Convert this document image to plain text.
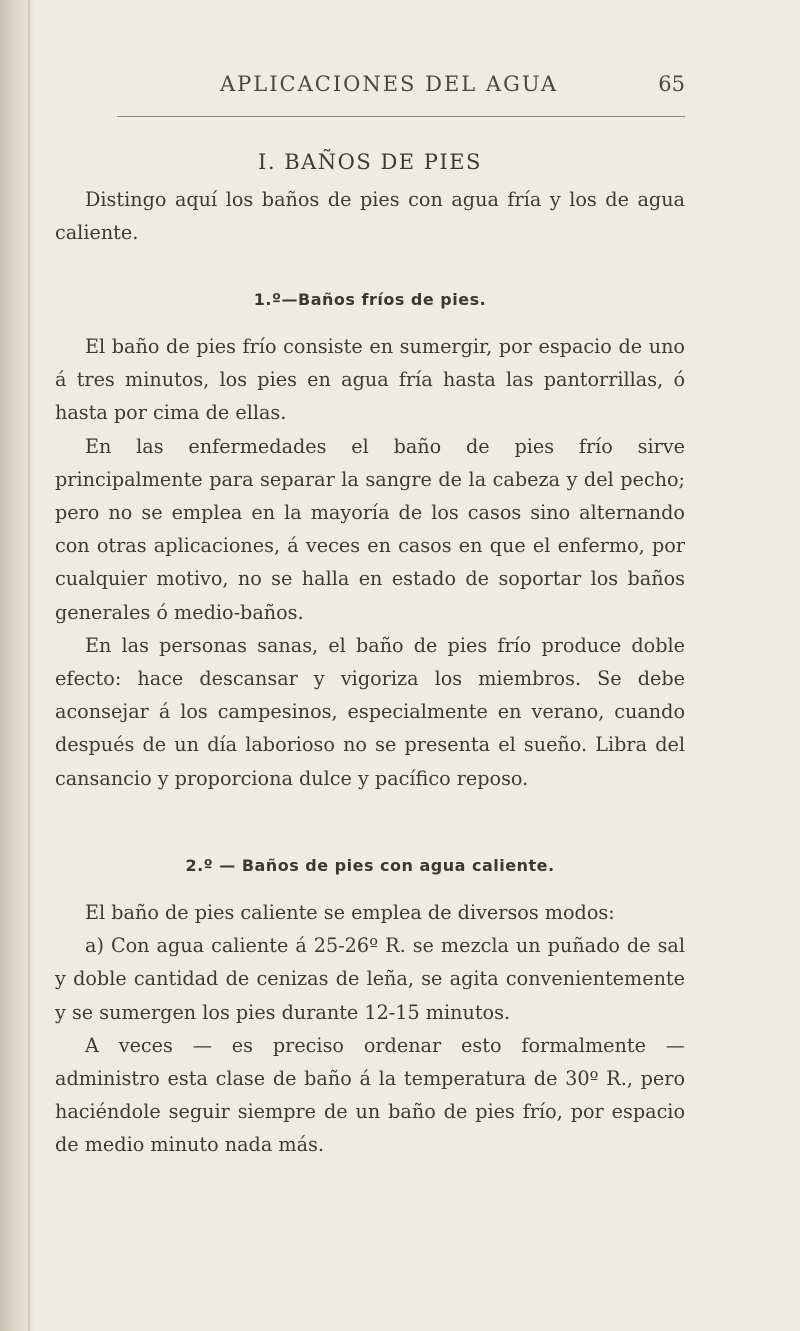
APLICACIONES DEL AGUA	65
I. BAÑOS DE PIES

Distingo aquí los baños de pies con agua fría y los de agua caliente.

1.º—Baños fríos de pies.

El baño de pies frío consiste en sumergir, por espacio de uno á tres minutos, los pies en agua fría hasta las pantorrillas, ó hasta por cima de ellas.

En las enfermedades el baño de pies frío sirve principalmente para separar la sangre de la cabeza y del pecho; pero no se emplea en la mayoría de los casos sino alternando con otras aplicaciones, á veces en casos en que el enfermo, por cualquier motivo, no se halla en estado de soportar los baños generales ó medio-baños.

En las personas sanas, el baño de pies frío produce doble efecto: hace descansar y vigoriza los miembros. Se debe aconsejar á los campesinos, especialmente en verano, cuando después de un día laborioso no se presenta el sueño. Libra del cansancio y proporciona dulce y pacífico reposo.

2.º — Baños de pies con agua caliente.

El baño de pies caliente se emplea de diversos modos:

a) Con agua caliente á 25-26º R. se mezcla un puñado de sal y doble cantidad de cenizas de leña, se agita convenientemente y se sumergen los pies durante 12-15 minutos.

A veces — es preciso ordenar esto formalmente — administro esta clase de baño á la temperatura de 30º R., pero haciéndole seguir siempre de un baño de pies frío, por espacio de medio minuto nada más.
